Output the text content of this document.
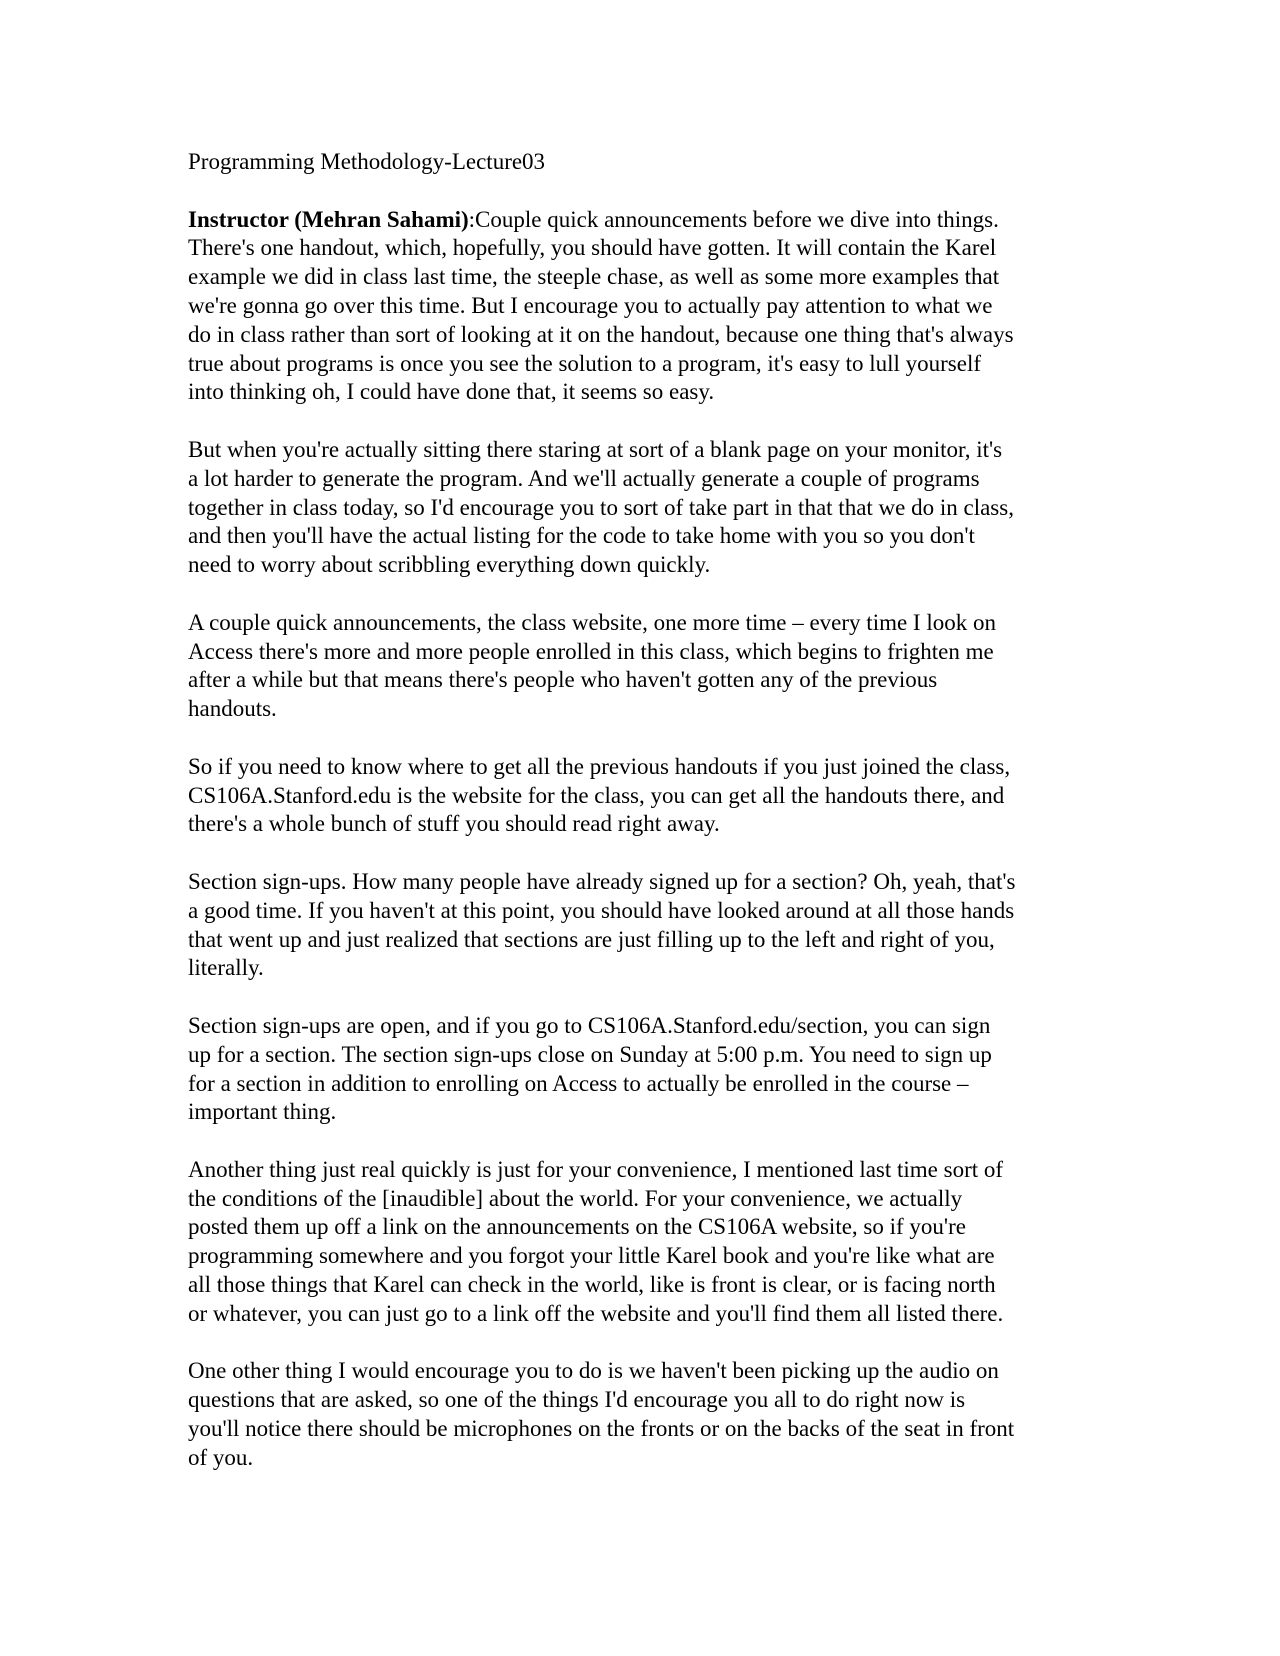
Programming Methodology-Lecture03
Instructor (Mehran Sahami):Couple quick announcements before we dive into things.
There's one handout, which, hopefully, you should have gotten. It will contain the Karel
example we did in class last time, the steeple chase, as well as some more examples that
we're gonna go over this time. But I encourage you to actually pay attention to what we
do in class rather than sort of looking at it on the handout, because one thing that's always
true about programs is once you see the solution to a program, it's easy to lull yourself
into thinking oh, I could have done that, it seems so easy.
But when you're actually sitting there staring at sort of a blank page on your monitor, it's
a lot harder to generate the program. And we'll actually generate a couple of programs
together in class today, so I'd encourage you to sort of take part in that that we do in class,
and then you'll have the actual listing for the code to take home with you so you don't
need to worry about scribbling everything down quickly.
A couple quick announcements, the class website, one more time – every time I look on
Access there's more and more people enrolled in this class, which begins to frighten me
after a while but that means there's people who haven't gotten any of the previous
handouts.
So if you need to know where to get all the previous handouts if you just joined the class,
CS106A.Stanford.edu is the website for the class, you can get all the handouts there, and
there's a whole bunch of stuff you should read right away.
Section sign-ups. How many people have already signed up for a section? Oh, yeah, that's
a good time. If you haven't at this point, you should have looked around at all those hands
that went up and just realized that sections are just filling up to the left and right of you,
literally.
Section sign-ups are open, and if you go to CS106A.Stanford.edu/section, you can sign
up for a section. The section sign-ups close on Sunday at 5:00 p.m. You need to sign up
for a section in addition to enrolling on Access to actually be enrolled in the course –
important thing.
Another thing just real quickly is just for your convenience, I mentioned last time sort of
the conditions of the [inaudible] about the world. For your convenience, we actually
posted them up off a link on the announcements on the CS106A website, so if you're
programming somewhere and you forgot your little Karel book and you're like what are
all those things that Karel can check in the world, like is front is clear, or is facing north
or whatever, you can just go to a link off the website and you'll find them all listed there.
One other thing I would encourage you to do is we haven't been picking up the audio on
questions that are asked, so one of the things I'd encourage you all to do right now is
you'll notice there should be microphones on the fronts or on the backs of the seat in front
of you.
